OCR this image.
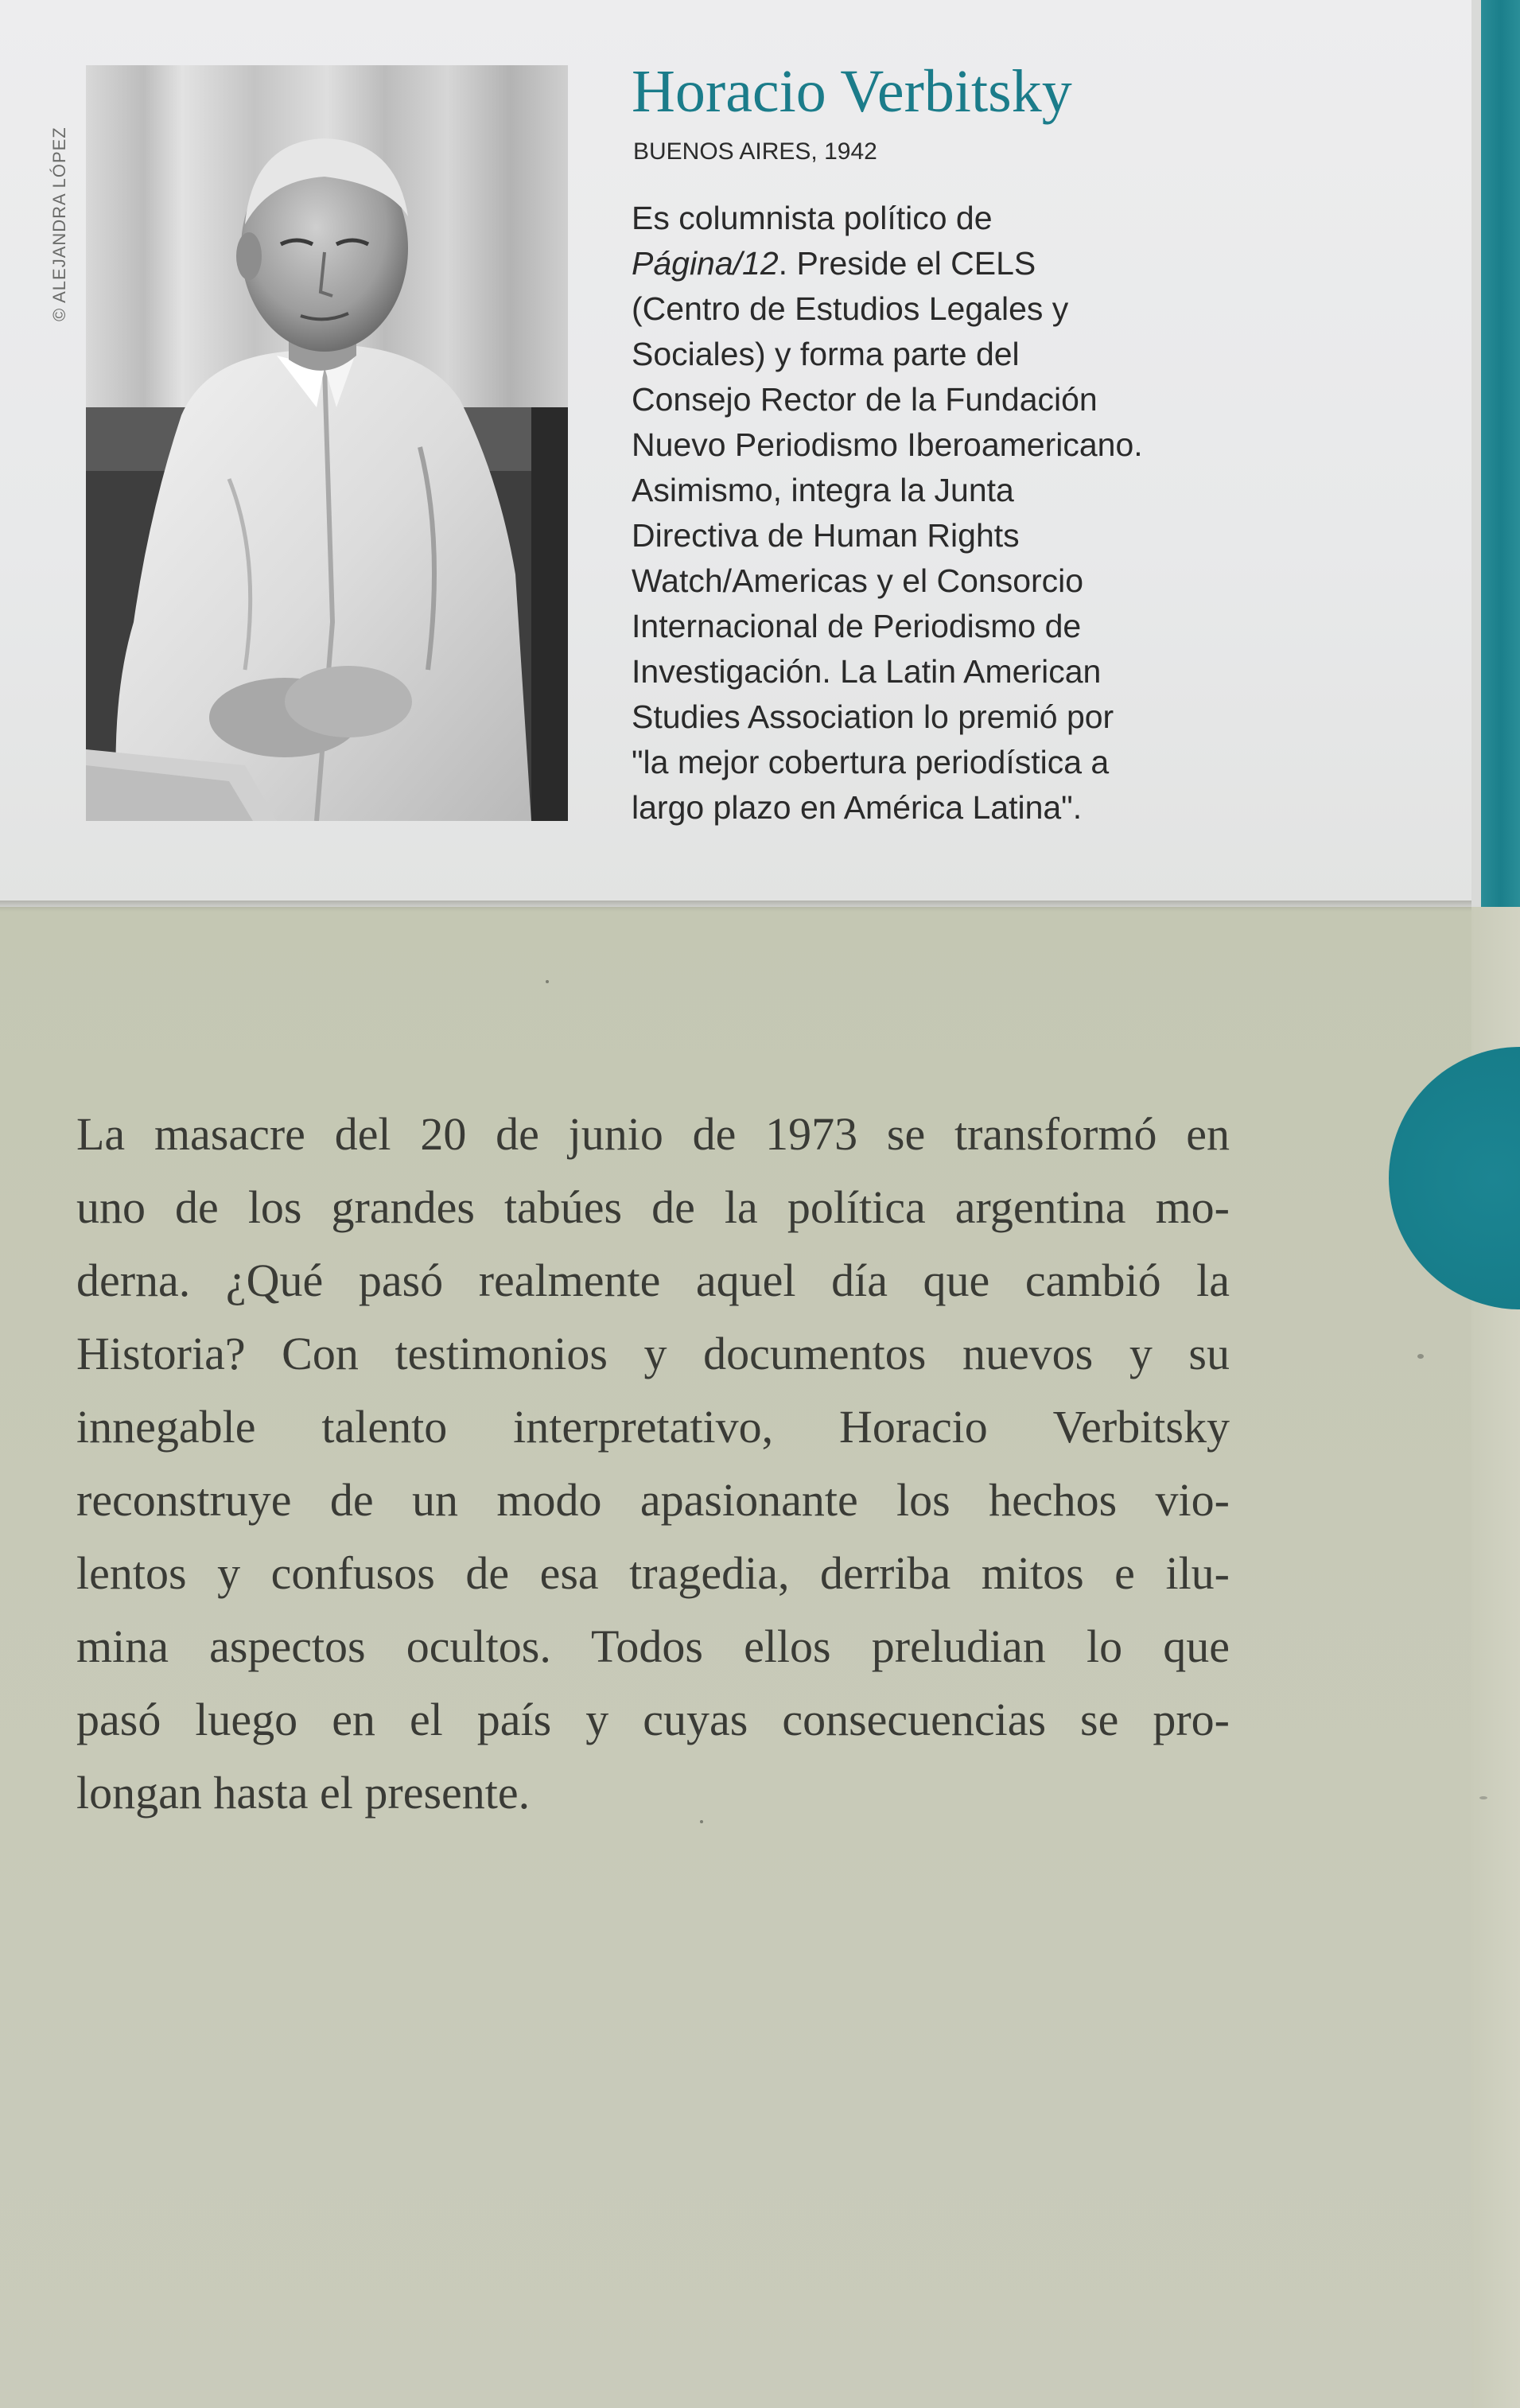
© ALEJANDRA LÓPEZ
Horacio Verbitsky
BUENOS AIRES, 1942
Es columnista político de
Página/12. Preside el CELS
(Centro de Estudios Legales y
Sociales) y forma parte del
Consejo Rector de la Fundación
Nuevo Periodismo Iberoamericano.
Asimismo, integra la Junta
Directiva de Human Rights
Watch/Americas y el Consorcio
Internacional de Periodismo de
Investigación. La Latin American
Studies Association lo premió por
"la mejor cobertura periodística a
largo plazo en América Latina".
La masacre del 20 de junio de 1973 se transformó en
uno de los grandes tabúes de la política argentina mo-
derna. ¿Qué pasó realmente aquel día que cambió la
Historia? Con testimonios y documentos nuevos y su
innegable talento interpretativo, Horacio Verbitsky
reconstruye de un modo apasionante los hechos vio-
lentos y confusos de esa tragedia, derriba mitos e ilu-
mina aspectos ocultos. Todos ellos preludian lo que
pasó luego en el país y cuyas consecuencias se pro-
longan hasta el presente.
